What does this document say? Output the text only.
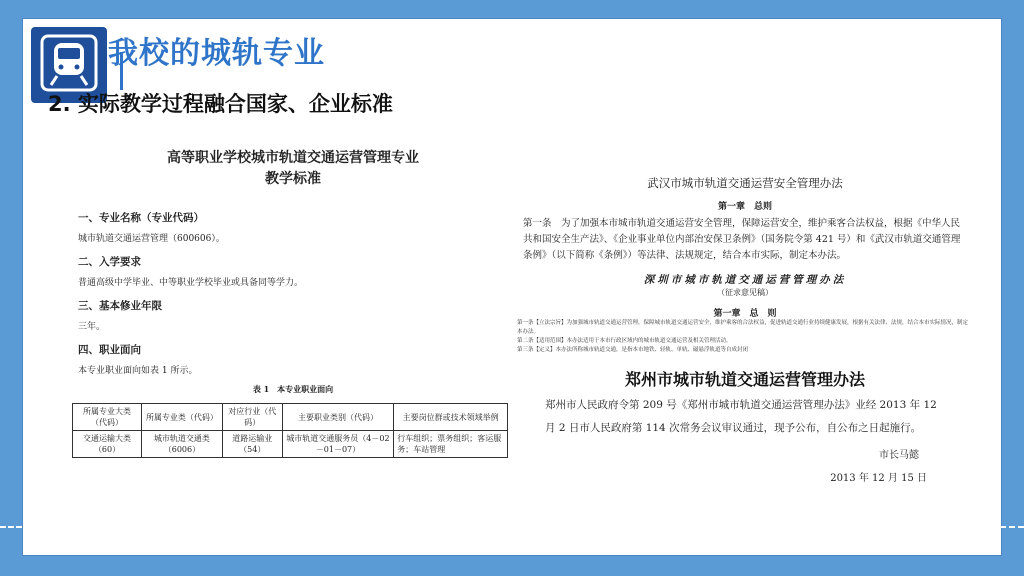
我校的城轨专业
2. 实际教学过程融合国家、企业标准
高等职业学校城市轨道交通运营管理专业
教学标准
一、专业名称（专业代码）
城市轨道交通运营管理（600606）。
二、入学要求
普通高级中学毕业、中等职业学校毕业或具备同等学力。
三、基本修业年限
三年。
四、职业面向
本专业职业面向如表 1 所示。
表 1　本专业职业面向
所属专业大类（代码）	所属专业类（代码）	对应行业（代码）	主要职业类别（代码）	主要岗位群或技术领域举例
交通运输大类（60）	城市轨道交通类（6006）	道路运输业（54）	城市轨道交通服务员（4－02－01－07）	行车组织；票务组织；客运服务；车站管理
武汉市城市轨道交通运营安全管理办法
第一章　总则
第一条　为了加强本市城市轨道交通运营安全管理，保障运营安全，维护乘客合法权益，根据《中华人民共和国安全生产法》、《企业事业单位内部治安保卫条例》（国务院令第 421 号）和《武汉市轨道交通管理条例》（以下简称《条例》）等法律、法规规定，结合本市实际，制定本办法。
深圳市城市轨道交通运营管理办法
（征求意见稿）
第一章　总　则
第一条【立法宗旨】为加强城市轨道交通运营管理，保障城市轨道交通运营安全，维护乘客的合法权益，促进轨道交通行业持续健康发展，根据有关法律、法规，结合本市实际情况，制定本办法。
第二条【适用范围】本办法适用于本市行政区域内的城市轨道交通运营及相关管理活动。
第三条【定义】本办法所称城市轨道交通，是指本市地铁、轻轨、单轨、磁悬浮轨道等自成封闭
郑州市城市轨道交通运营管理办法
郑州市人民政府令第 209 号《郑州市城市轨道交通运营管理办法》业经 2013 年 12 月 2 日市人民政府第 114 次常务会议审议通过，现予公布，自公布之日起施行。
市长马懿
2013 年 12 月 15 日
